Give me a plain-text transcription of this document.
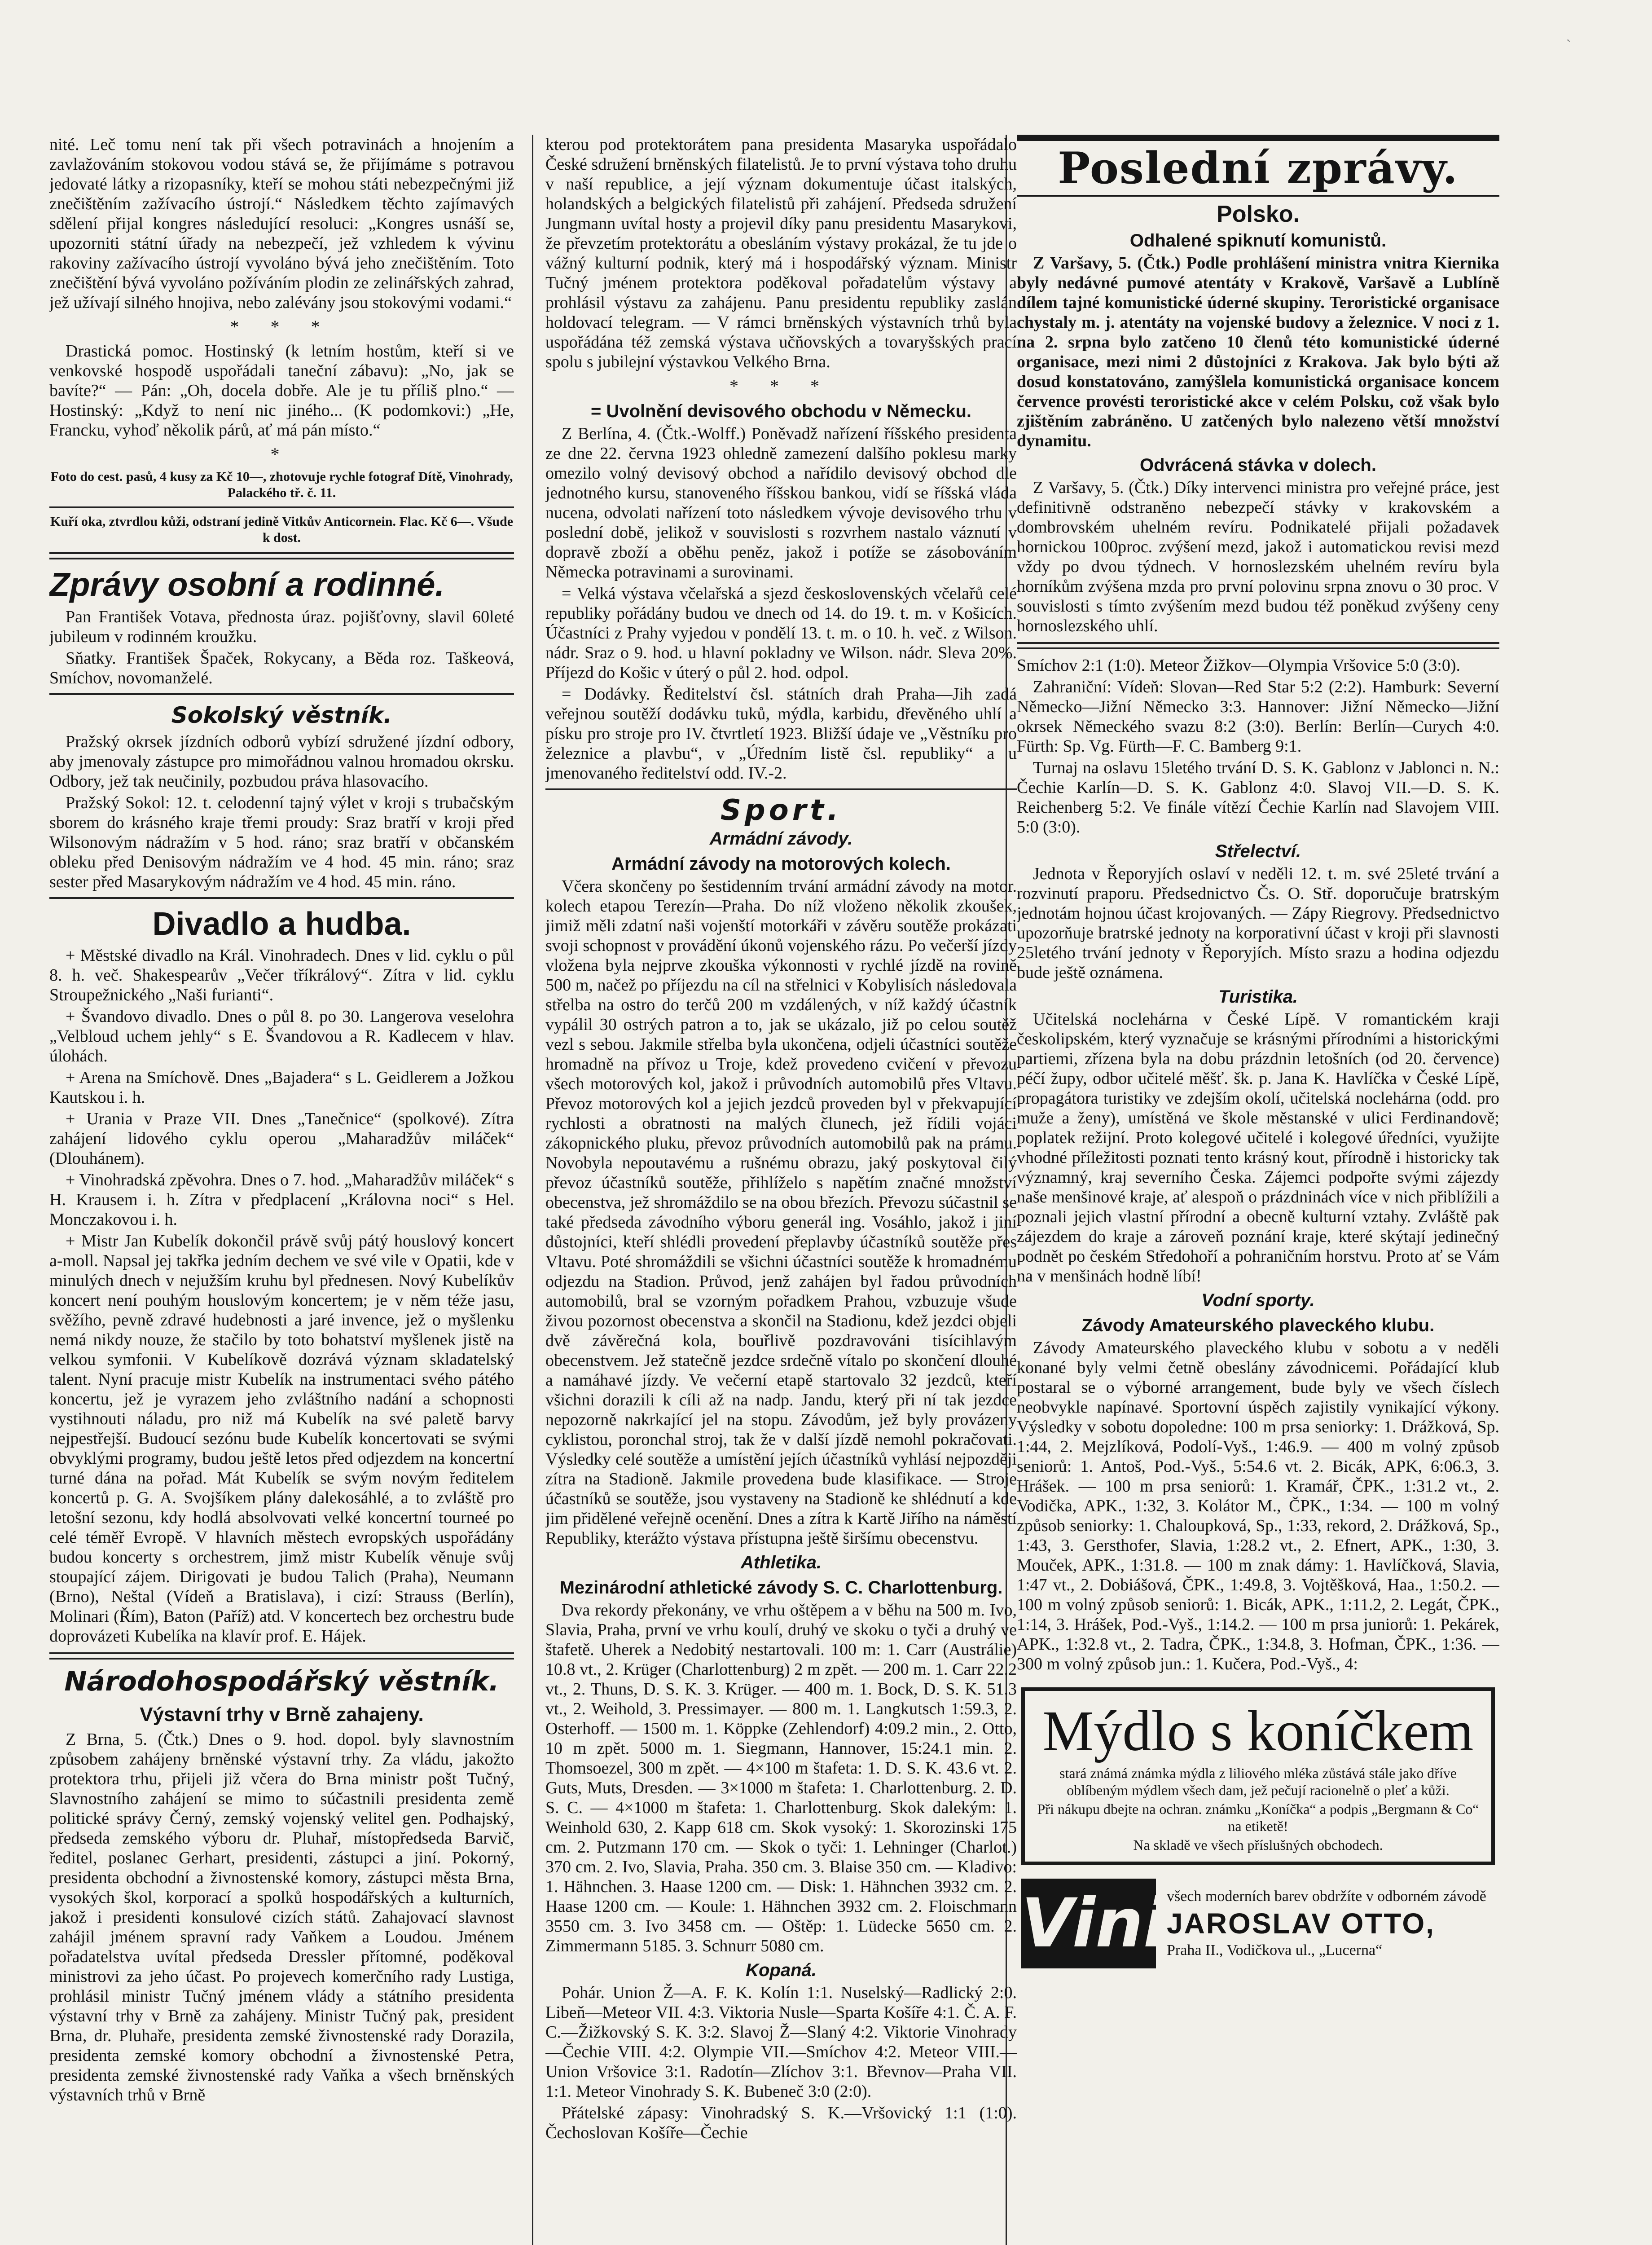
`

nité. Leč tomu není tak při všech potravinách a hnojením a zavlažováním stokovou vodou stává se, že přijímáme s potravou jedovaté látky a rizopasníky, kteří se mohou státi nebezpečnými již znečištěním zažívacího ústrojí.“ Následkem těchto zajímavých sdělení přijal kongres následující resoluci: „Kongres usnáší se, upozorniti státní úřady na nebezpečí, jež vzhledem k vývinu rakoviny zažívacího ústrojí vyvoláno bývá jeho znečištěním. Toto znečištění bývá vyvoláno požíváním plodin ze zelinářských zahrad, jež užívají silného hnojiva, nebo zalévány jsou stokovými vodami.“

* * *

Drastická pomoc. Hostinský (k letním hostům, kteří si ve venkovské hospodě uspořádali taneční zábavu): „No, jak se bavíte?“ — Pán: „Oh, docela dobře. Ale je tu příliš plno.“ — Hostinský: „Když to není nic jiného... (K podomkovi:) „He, Francku, vyhoď několik párů, ať má pán místo.“

*

Foto do cest. pasů, 4 kusy za Kč 10—, zhotovuje rychle fotograf Dítě, Vinohrady, Palackého tř. č. 11.

Kuří oka, ztvrdlou kůži, odstraní jedině Vitkův Anticornein. Flac. Kč 6—. Všude k dost.

Zprávy osobní a rodinné.

Pan František Votava, přednosta úraz. pojišťovny, slavil 60leté jubileum v rodinném kroužku.

Sňatky. František Špaček, Rokycany, a Běda roz. Taškeová, Smíchov, novomanželé.

Sokolský věstník.

Pražský okrsek jízdních odborů vybízí sdružené jízdní odbory, aby jmenovaly zástupce pro mimořádnou valnou hromadou okrsku. Odbory, jež tak neučinily, pozbudou práva hlasovacího.

Pražský Sokol: 12. t. celodenní tajný výlet v kroji s trubačským sborem do krásného kraje třemi proudy: Sraz bratří v kroji před Wilsonovým nádražím v 5 hod. ráno; sraz bratří v občanském obleku před Denisovým nádražím ve 4 hod. 45 min. ráno; sraz sester před Masarykovým nádražím ve 4 hod. 45 min. ráno.

Divadlo a hudba.

+ Městské divadlo na Král. Vinohradech. Dnes v lid. cyklu o půl 8. h. več. Shakespearův „Večer tříkrálový“. Zítra v lid. cyklu Stroupežnického „Naši furianti“.

+ Švandovo divadlo. Dnes o půl 8. po 30. Langerova veselohra „Velbloud uchem jehly“ s E. Švandovou a R. Kadlecem v hlav. úlohách.

+ Arena na Smíchově. Dnes „Bajadera“ s L. Geidlerem a Jožkou Kautskou i. h.

+ Urania v Praze VII. Dnes „Tanečnice“ (spolkové). Zítra zahájení lidového cyklu operou „Maharadžův miláček“ (Dlouhánem).

+ Vinohradská zpěvohra. Dnes o 7. hod. „Maharadžův miláček“ s H. Krausem i. h. Zítra v předplacení „Královna noci“ s Hel. Monczakovou i. h.

+ Mistr Jan Kubelík dokončil právě svůj pátý houslový koncert a-moll. Napsal jej takřka jedním dechem ve své vile v Opatii, kde v minulých dnech v nejužším kruhu byl přednesen. Nový Kubelíkův koncert není pouhým houslovým koncertem; je v něm téže jasu, svěžího, pevně zdravé hudebnosti a jaré invence, jež o myšlenku nemá nikdy nouze, že stačilo by toto bohatství myšlenek jistě na velkou symfonii. V Kubelíkově dozrává význam skladatelský talent. Nyní pracuje mistr Kubelík na instrumentaci svého pátého koncertu, jež je vyrazem jeho zvláštního nadání a schopnosti vystihnouti náladu, pro niž má Kubelík na své paletě barvy nejpestřejší. Budoucí sezónu bude Kubelík koncertovati se svými obvyklými programy, budou ještě letos před odjezdem na koncertní turné dána na pořad. Mát Kubelík se svým novým ředitelem koncertů p. G. A. Svojšíkem plány dalekosáhlé, a to zvláště pro letošní sezonu, kdy hodlá absolvovati velké koncertní tourneé po celé téměř Evropě. V hlavních městech evropských uspořádány budou koncerty s orchestrem, jimž mistr Kubelík věnuje svůj stoupající zájem. Dirigovati je budou Talich (Praha), Neumann (Brno), Neštal (Vídeň a Bratislava), i cizí: Strauss (Berlín), Molinari (Řím), Baton (Paříž) atd. V koncertech bez orchestru bude doprovázeti Kubelíka na klavír prof. E. Hájek.

Národohospodářský věstník.
Výstavní trhy v Brně zahajeny.

Z Brna, 5. (Čtk.) Dnes o 9. hod. dopol. byly slavnostním způsobem zahájeny brněnské výstavní trhy. Za vládu, jakožto protektora trhu, přijeli již včera do Brna ministr pošt Tučný, Slavnostního zahájení se mimo to súčastnili presidenta země politické správy Černý, zemský vojenský velitel gen. Podhajský, předseda zemského výboru dr. Pluhař, místopředseda Barvič, ředitel, poslanec Gerhart, presidenti, zástupci a jiní. Pokorný, presidenta obchodní a živnostenské komory, zástupci města Brna, vysokých škol, korporací a spolků hospodářských a kulturních, jakož i presidenti konsulové cizích států. Zahajovací slavnost zahájil jménem spravní rady Vaňkem a Loudou. Jménem pořadatelstva uvítal předseda Dressler přítomné, poděkoval ministrovi za jeho účast. Po projevech komerčního rady Lustiga, prohlásil ministr Tučný jménem vlády a státního presidenta výstavní trhy v Brně za zahájeny. Ministr Tučný pak, president Brna, dr. Pluhaře, presidenta zemské živnostenské rady Dorazila, presidenta zemské komory obchodní a živnostenské Petra, presidenta zemské živnostenské rady Vaňka a všech brněnských výstavních trhů v Brně

kterou pod protektorátem pana presidenta Masaryka uspořádalo České sdružení brněnských filatelistů. Je to první výstava toho druhu v naší republice, a její význam dokumentuje účast italských, holandských a belgických filatelistů při zahájení. Předseda sdružení Jungmann uvítal hosty a projevil díky panu presidentu Masarykovi, že převzetím protektorátu a obesláním výstavy prokázal, že tu jde o vážný kulturní podnik, který má i hospodářský význam. Ministr Tučný jménem protektora poděkoval pořadatelům výstavy a prohlásil výstavu za zahájenu. Panu presidentu republiky zaslán holdovací telegram. — V rámci brněnských výstavních trhů byla uspořádána též zemská výstava učňovských a tovaryšských prací spolu s jubilejní výstavkou Velkého Brna.

* * *
= Uvolnění devisového obchodu v Německu.

Z Berlína, 4. (Čtk.-Wolff.) Poněvadž nařízení říšského presidenta ze dne 22. června 1923 ohledně zamezení dalšího poklesu marky omezilo volný devisový obchod a nařídilo devisový obchod dle jednotného kursu, stanoveného říšskou bankou, vidí se říšská vláda nucena, odvolati nařízení toto následkem vývoje devisového trhu v poslední době, jelikož v souvislosti s rozvrhem nastalo váznutí v dopravě zboží a oběhu peněz, jakož i potíže se zásobováním Německa potravinami a surovinami.

= Velká výstava včelařská a sjezd československých včelařů celé republiky pořádány budou ve dnech od 14. do 19. t. m. v Košicích. Účastníci z Prahy vyjedou v pondělí 13. t. m. o 10. h. več. z Wilson. nádr. Sraz o 9. hod. u hlavní pokladny ve Wilson. nádr. Sleva 20%. Příjezd do Košic v úterý o půl 2. hod. odpol.

= Dodávky. Ředitelství čsl. státních drah Praha—Jih zadá veřejnou soutěží dodávku tuků, mýdla, karbidu, dřevěného uhlí a písku pro stroje pro IV. čtvrtletí 1923. Bližší údaje ve „Věstníku pro železnice a plavbu“, v „Úředním listě čsl. republiky“ a u jmenovaného ředitelství odd. IV.-2.

Sport.
Armádní závody.
Armádní závody na motorových kolech.

Včera skončeny po šestidenním trvání armádní závody na motor. kolech etapou Terezín—Praha. Do níž vloženo několik zkoušek, jimiž měli zdatní naši vojenští motorkáři v závěru soutěže prokázati svoji schopnost v provádění úkonů vojenského rázu. Po večerší jízdy vložena byla nejprve zkouška výkonnosti v rychlé jízdě na rovině 500 m, načež po příjezdu na cíl na střelnici v Kobylisích následovala střelba na ostro do terčů 200 m vzdálených, v níž každý účastník vypálil 30 ostrých patron a to, jak se ukázalo, již po celou soutěž vezl s sebou. Jakmile střelba byla ukončena, odjeli účastníci soutěže hromadně na přívoz u Troje, kdež provedeno cvičení v převozu všech motorových kol, jakož i průvodních automobilů přes Vltavu. Převoz motorových kol a jejich jezdců proveden byl v překvapující rychlosti a obratnosti na malých člunech, jež řídili vojáci zákopnického pluku, převoz průvodních automobilů pak na prámu. Novobyla nepoutavému a rušnému obrazu, jaký poskytoval čilý převoz účastníků soutěže, přihlíželo s napětím značné množství obecenstva, jež shromáždilo se na obou březích. Převozu súčastnil se také předseda závodního výboru generál ing. Vosáhlo, jakož i jiní důstojníci, kteří shlédli provedení přeplavby účastníků soutěže přes Vltavu. Poté shromáždili se všichni účastníci soutěže k hromadnému odjezdu na Stadion. Průvod, jenž zahájen byl řadou průvodních automobilů, bral se vzorným pořadkem Prahou, vzbuzuje všude živou pozornost obecenstva a skončil na Stadionu, kdež jezdci objeli dvě závěrečná kola, bouřlivě pozdravováni tisícihlavým obecenstvem. Jež statečně jezdce srdečně vítalo po skončení dlouhé a namáhavé jízdy. Ve večerní etapě startovalo 32 jezdců, kteří všichni dorazili k cíli až na nadp. Jandu, který při ní tak jezdce nepozorně nakrkající jel na stopu. Závodům, jež byly provázeny cyklistou, poronchal stroj, tak že v další jízdě nemohl pokračovati. Výsledky celé soutěže a umístění jejích účastníků vyhlásí nejpozději zítra na Stadioně. Jakmile provedena bude klasifikace. — Stroje účastníků se soutěže, jsou vystaveny na Stadioně ke shlédnutí a kde jim přidělené veřejně ocenění. Dnes a zítra k Kartě Jiřího na náměstí Republiky, kterážto výstava přístupna ještě širšímu obecenstvu.

Athletika.
Mezinárodní athletické závody S. C. Charlottenburg.

Dva rekordy překonány, ve vrhu oštěpem a v běhu na 500 m. Ivo, Slavia, Praha, první ve vrhu koulí, druhý ve skoku o tyči a druhý ve štafetě. Uherek a Nedobitý nestartovali. 100 m: 1. Carr (Austrálie) 10.8 vt., 2. Krüger (Charlottenburg) 2 m zpět. — 200 m. 1. Carr 22.2 vt., 2. Thuns, D. S. K. 3. Krüger. — 400 m. 1. Bock, D. S. K. 51.3 vt., 2. Weihold, 3. Pressimayer. — 800 m. 1. Langkutsch 1:59.3, 2. Osterhoff. — 1500 m. 1. Köppke (Zehlendorf) 4:09.2 min., 2. Otto, 10 m zpět. 5000 m. 1. Siegmann, Hannover, 15:24.1 min. 2. Thomsoezel, 300 m zpět. — 4×100 m štafeta: 1. D. S. K. 43.6 vt. 2. Guts, Muts, Dresden. — 3×1000 m štafeta: 1. Charlottenburg. 2. D. S. C. — 4×1000 m štafeta: 1. Charlottenburg. Skok dalekým: 1. Weinhold 630, 2. Kapp 618 cm. Skok vysoký: 1. Skorozinski 175 cm. 2. Putzmann 170 cm. — Skok o tyči: 1. Lehninger (Charlot.) 370 cm. 2. Ivo, Slavia, Praha. 350 cm. 3. Blaise 350 cm. — Kladivo: 1. Hähnchen. 3. Haase 1200 cm. — Disk: 1. Hähnchen 3932 cm. 2. Haase 1200 cm. — Koule: 1. Hähnchen 3932 cm. 2. Floischmann 3550 cm. 3. Ivo 3458 cm. — Oštěp: 1. Lüdecke 5650 cm. 2. Zimmermann 5185. 3. Schnurr 5080 cm.

Kopaná.

Pohár. Union Ž—A. F. K. Kolín 1:1. Nuselský—Radlický 2:0. Libeň—Meteor VII. 4:3. Viktoria Nusle—Sparta Košíře 4:1. Č. A. F. C.—Žižkovský S. K. 3:2. Slavoj Ž—Slaný 4:2. Viktorie Vinohrady—Čechie VIII. 4:2. Olympie VII.—Smíchov 4:2. Meteor VIII.—Union Vršovice 3:1. Radotín—Zlíchov 3:1. Břevnov—Praha VII. 1:1. Meteor Vinohrady S. K. Bubeneč 3:0 (2:0).

Přátelské zápasy: Vinohradský S. K.—Vršovický 1:1 (1:0). Čechoslovan Košíře—Čechie

Poslední zprávy.
Polsko.
Odhalené spiknutí komunistů.

Z Varšavy, 5. (Čtk.) Podle prohlášení ministra vnitra Kiernika byly nedávné pumové atentáty v Krakově, Varšavě a Lublíně dílem tajné komunistické úderné skupiny. Teroristické organisace chystaly m. j. atentáty na vojenské budovy a železnice. V noci z 1. na 2. srpna bylo zatčeno 10 členů této komunistické úderné organisace, mezi nimi 2 důstojníci z Krakova. Jak bylo býti až dosud konstatováno, zamýšlela komunistická organisace koncem července provésti teroristické akce v celém Polsku, což však bylo zjištěním zabráněno. U zatčených bylo nalezeno větší množství dynamitu.

Odvrácená stávka v dolech.

Z Varšavy, 5. (Čtk.) Díky intervenci ministra pro veřejné práce, jest definitivně odstraněno nebezpečí stávky v krakovském a dombrovském uhelném revíru. Podnikatelé přijali požadavek hornickou 100proc. zvýšení mezd, jakož i automatickou revisi mezd vždy po dvou týdnech. V hornoslezském uhelném revíru byla horníkům zvýšena mzda pro první polovinu srpna znovu o 30 proc. V souvislosti s tímto zvýšením mezd budou též poněkud zvýšeny ceny hornoslezského uhlí.

Smíchov 2:1 (1:0). Meteor Žižkov—Olympia Vršovice 5:0 (3:0).

Zahraniční: Vídeň: Slovan—Red Star 5:2 (2:2). Hamburk: Severní Německo—Jižní Německo 3:3. Hannover: Jižní Německo—Jižní okrsek Německého svazu 8:2 (3:0). Berlín: Berlín—Curych 4:0. Fürth: Sp. Vg. Fürth—F. C. Bamberg 9:1.

Turnaj na oslavu 15letého trvání D. S. K. Gablonz v Jablonci n. N.: Čechie Karlín—D. S. K. Gablonz 4:0. Slavoj VII.—D. S. K. Reichenberg 5:2. Ve finále vítězí Čechie Karlín nad Slavojem VIII. 5:0 (3:0).

Střelectví.

Jednota v Řeporyjích oslaví v neděli 12. t. m. své 25leté trvání a rozvinutí praporu. Předsednictvo Čs. O. Stř. doporučuje bratrským jednotám hojnou účast krojovaných. — Zápy Riegrovy. Předsednictvo upozorňuje bratrské jednoty na korporativní účast v kroji při slavnosti 25letého trvání jednoty v Řeporyjích. Místo srazu a hodina odjezdu bude ještě oznámena.

Turistika.

Učitelská noclehárna v České Lípě. V romantickém kraji českolipském, který vyznačuje se krásnými přírodními a historickými partiemi, zřízena byla na dobu prázdnin letošních (od 20. července) péčí župy, odbor učitelé měšť. šk. p. Jana K. Havlíčka v České Lípě, propagátora turistiky ve zdejším okolí, učitelská noclehárna (odd. pro muže a ženy), umístěná ve škole městanské v ulici Ferdinandově; poplatek režijní. Proto kolegové učitelé i kolegové úředníci, využijte vhodné příležitosti poznati tento krásný kout, přírodně i historicky tak významný, kraj severního Česka. Zájemci podpořte svými zájezdy naše menšinové kraje, ať alespoň o prázdninách více v nich přiblížili a poznali jejich vlastní přírodní a obecně kulturní vztahy. Zvláště pak zájezdem do kraje a zároveň poznání kraje, které skýtají jedinečný podnět po českém Středohoří a pohraničním horstvu. Proto ať se Vám na v menšinách hodně líbí!

Vodní sporty.
Závody Amateurského plaveckého klubu.

Závody Amateurského plaveckého klubu v sobotu a v neděli konané byly velmi četně obeslány závodnicemi. Pořádající klub postaral se o výborné arrangement, bude byly ve všech číslech neobvykle napínavé. Sportovní úspěch zajistily vynikající výkony. Výsledky v sobotu dopoledne: 100 m prsa seniorky: 1. Drážková, Sp. 1:44, 2. Mejzlíková, Podolí-Vyš., 1:46.9. — 400 m volný způsob seniorů: 1. Antoš, Pod.-Vyš., 5:54.6 vt. 2. Bicák, APK, 6:06.3, 3. Hrášek. — 100 m prsa seniorů: 1. Kramář, ČPK., 1:31.2 vt., 2. Vodička, APK., 1:32, 3. Kolátor M., ČPK., 1:34. — 100 m volný způsob seniorky: 1. Chaloupková, Sp., 1:33, rekord, 2. Drážková, Sp., 1:43, 3. Gersthofer, Slavia, 1:28.2 vt., 2. Efnert, APK., 1:30, 3. Mouček, APK., 1:31.8. — 100 m znak dámy: 1. Havlíčková, Slavia, 1:47 vt., 2. Dobiášová, ČPK., 1:49.8, 3. Vojtěšková, Haa., 1:50.2. — 100 m volný způsob seniorů: 1. Bicák, APK., 1:11.2, 2. Legát, ČPK., 1:14, 3. Hrášek, Pod.-Vyš., 1:14.2. — 100 m prsa juniorů: 1. Pekárek, APK., 1:32.8 vt., 2. Tadra, ČPK., 1:34.8, 3. Hofman, ČPK., 1:36. — 300 m volný způsob jun.: 1. Kučera, Pod.-Vyš., 4:

Mýdlo s koníčkem

stará známá známka mýdla z liliového mléka zůstává stále jako dříve oblíbeným mýdlem všech dam, jež pečují racionelně o pleť a kůži.

Při nákupu dbejte na ochran. známku „Koníčka“ a podpis „Bergmann & Co“ na etiketě!

Na skladě ve všech příslušných obchodech.

Vini všech moderních barev obdržíte v odborném závodě
JAROSLAV OTTO,
Praha II., Vodičkova ul., „Lucerna“
